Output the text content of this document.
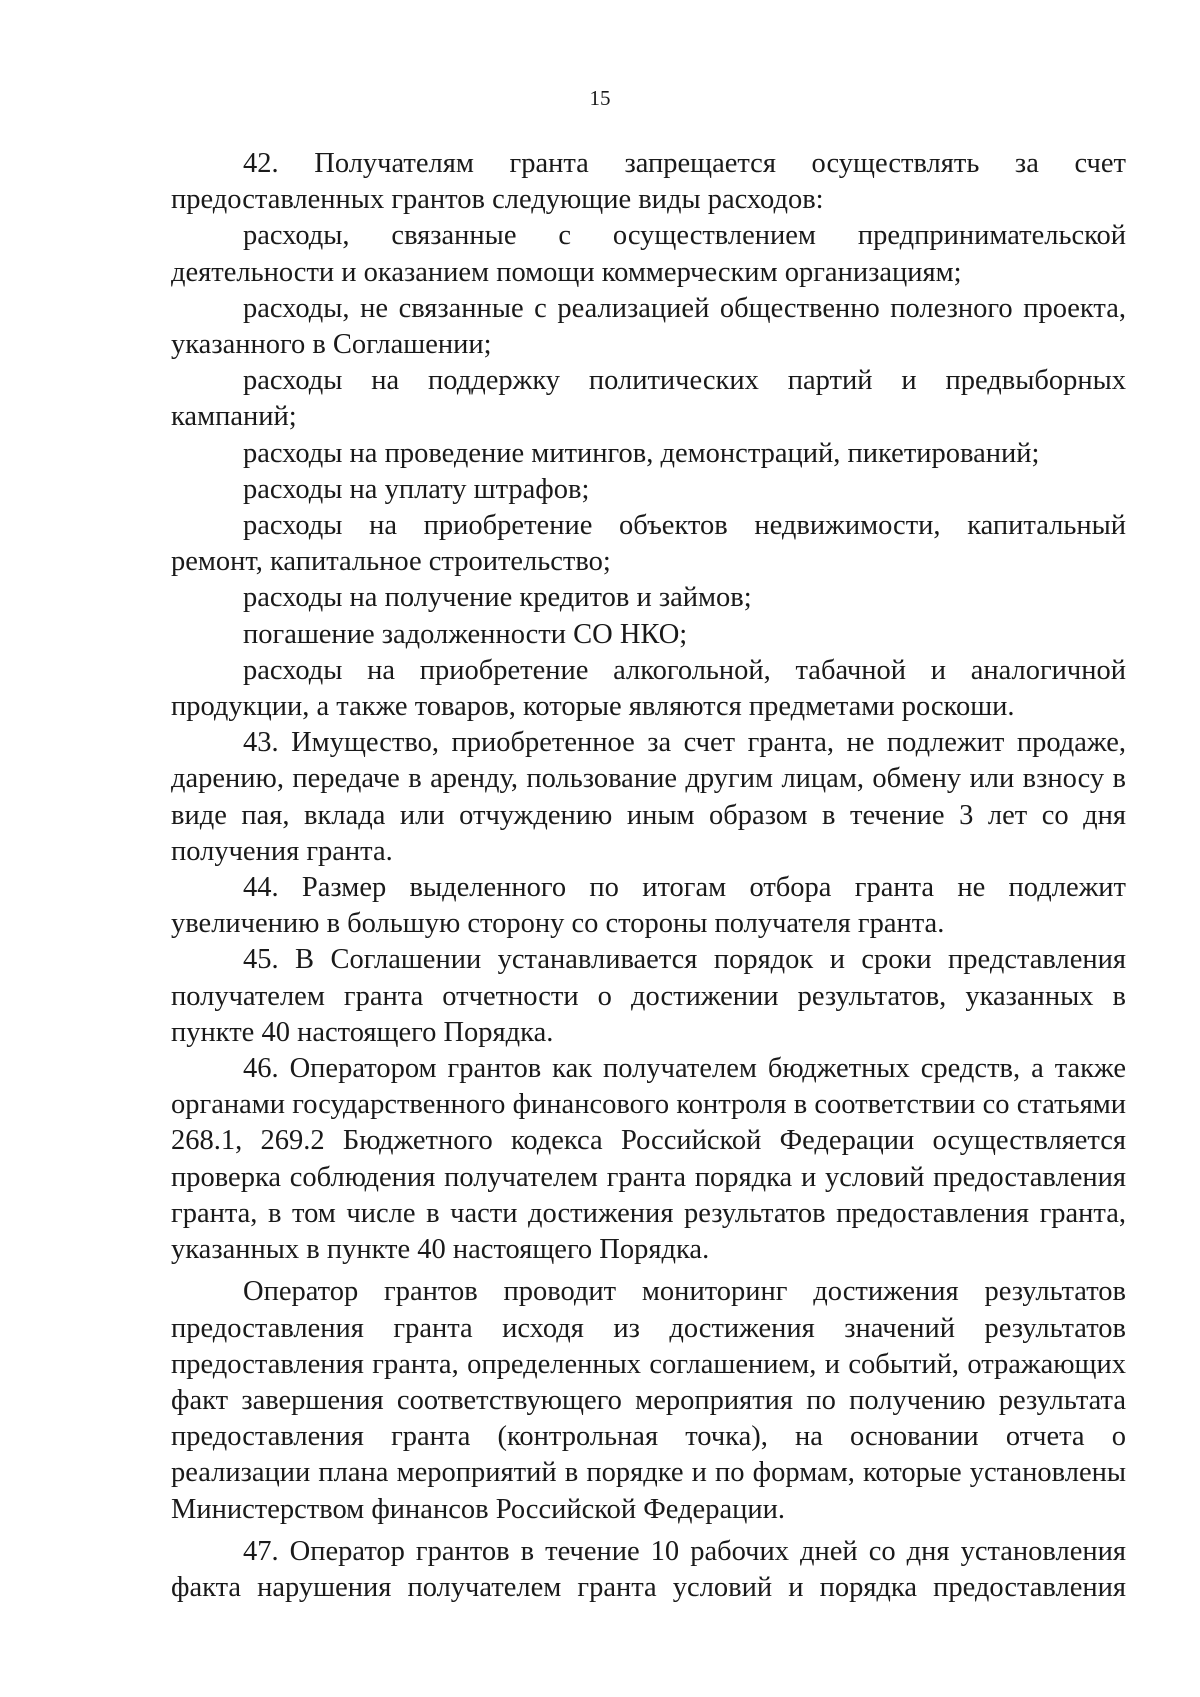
15

42. Получателям гранта запрещается осуществлять за счет предоставленных грантов следующие виды расходов:

расходы, связанные с осуществлением предпринимательской деятельности и оказанием помощи коммерческим организациям;

расходы, не связанные с реализацией общественно полезного проекта, указанного в Соглашении;

расходы на поддержку политических партий и предвыборных кампаний;

расходы на проведение митингов, демонстраций, пикетирований;

расходы на уплату штрафов;

расходы на приобретение объектов недвижимости, капитальный ремонт, капитальное строительство;

расходы на получение кредитов и займов;

погашение задолженности СО НКО;

расходы на приобретение алкогольной, табачной и аналогичной продукции, а также товаров, которые являются предметами роскоши.

43. Имущество, приобретенное за счет гранта, не подлежит продаже, дарению, передаче в аренду, пользование другим лицам, обмену или взносу в виде пая, вклада или отчуждению иным образом в течение 3 лет со дня получения гранта.

44. Размер выделенного по итогам отбора гранта не подлежит увеличению в большую сторону со стороны получателя гранта.

45. В Соглашении устанавливается порядок и сроки представления получателем гранта отчетности о достижении результатов, указанных в пункте 40 настоящего Порядка.

46. Оператором грантов как получателем бюджетных средств, а также органами государственного финансового контроля в соответствии со статьями 268.1, 269.2 Бюджетного кодекса Российской Федерации осуществляется проверка соблюдения получателем гранта порядка и условий предоставления гранта, в том числе в части достижения результатов предоставления гранта, указанных в пункте 40 настоящего Порядка.

Оператор грантов проводит мониторинг достижения результатов предоставления гранта исходя из достижения значений результатов предоставления гранта, определенных соглашением, и событий, отражающих факт завершения соответствующего мероприятия по получению результата предоставления гранта (контрольная точка), на основании отчета о реализации плана мероприятий в порядке и по формам, которые установлены Министерством финансов Российской Федерации.

47. Оператор грантов в течение 10 рабочих дней со дня установления факта нарушения получателем гранта условий и порядка предоставления
